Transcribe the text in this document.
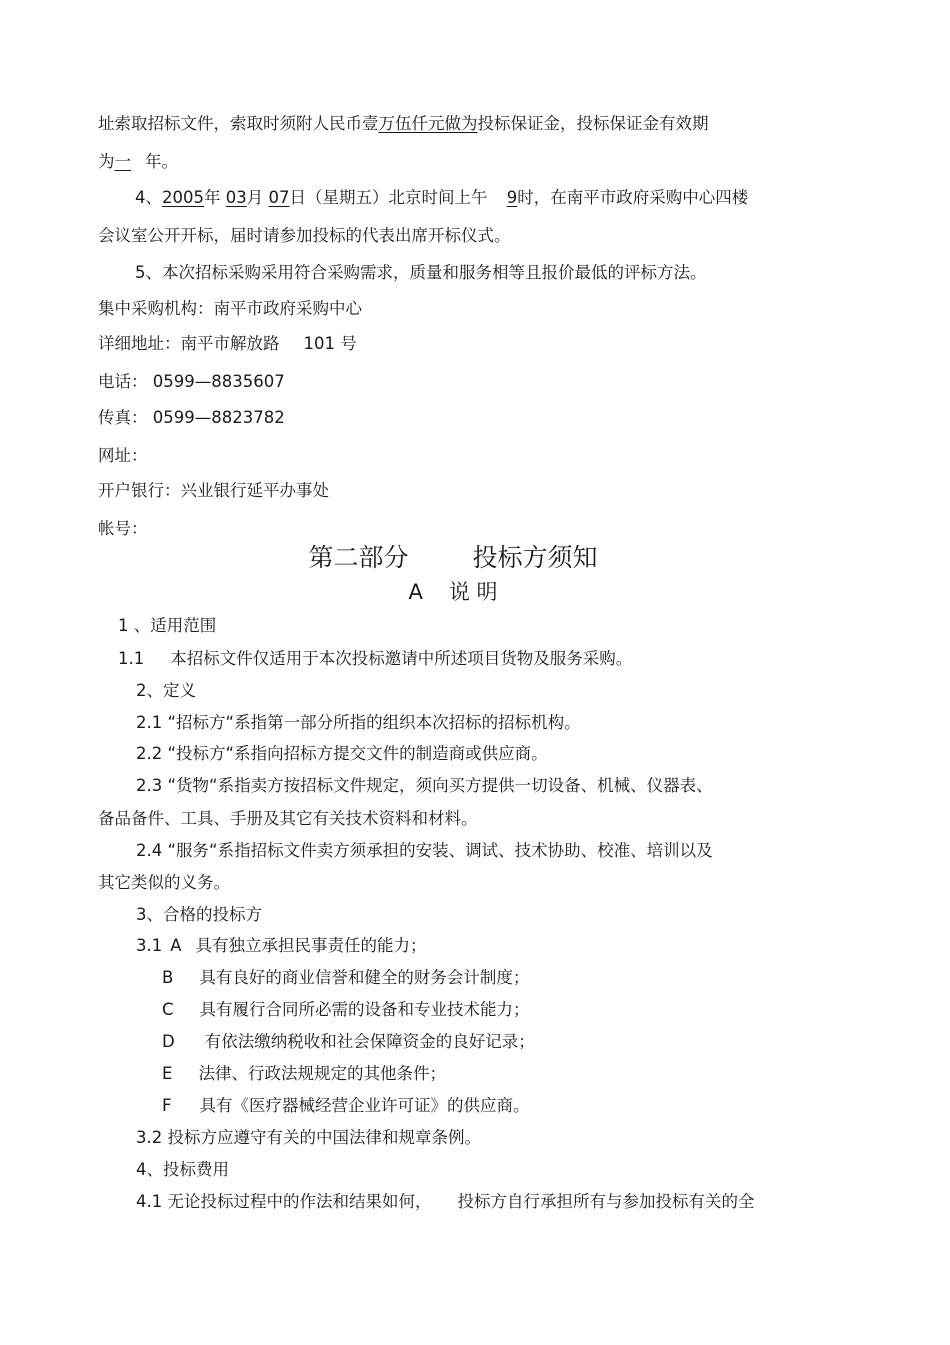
址索取招标文件，索取时须附人民币壹万伍仟元做为投标保证金，投标保证金有效期
为一 年。
4、2005年 03月 07日（星期五）北京时间上午 9时，在南平市政府采购中心四楼
会议室公开开标，届时请参加投标的代表出席开标仪式。
5、本次招标采购采用符合采购需求，质量和服务相等且报价最低的评标方法。
集中采购机构：南平市政府采购中心
详细地址：南平市解放路 101 号
电话： 0599—8835607
传真： 0599—8823782
网址：
开户银行：兴业银行延平办事处
帐号：
第二部分	投标方须知
A 说 明
1 、适用范围
1.1 本招标文件仅适用于本次投标邀请中所述项目货物及服务采购。
2、定义
2.1 “招标方“系指第一部分所指的组织本次招标的招标机构。
2.2 “投标方“系指向招标方提交文件的制造商或供应商。
2.3 “货物“系指卖方按招标文件规定，须向买方提供一切设备、机械、仪器表、
备品备件、工具、手册及其它有关技术资料和材料。
2.4 “服务“系指招标文件卖方须承担的安装、调试、技术协助、校准、培训以及
其它类似的义务。
3、合格的投标方
3.1 A 具有独立承担民事责任的能力；
B 具有良好的商业信誉和健全的财务会计制度；
C 具有履行合同所必需的设备和专业技术能力；
D 有依法缴纳税收和社会保障资金的良好记录；
E 法律、行政法规规定的其他条件；
F 具有《医疗器械经营企业许可证》的供应商。
3.2 投标方应遵守有关的中国法律和规章条例。
4、投标费用
4.1 无论投标过程中的作法和结果如何， 投标方自行承担所有与参加投标有关的全
